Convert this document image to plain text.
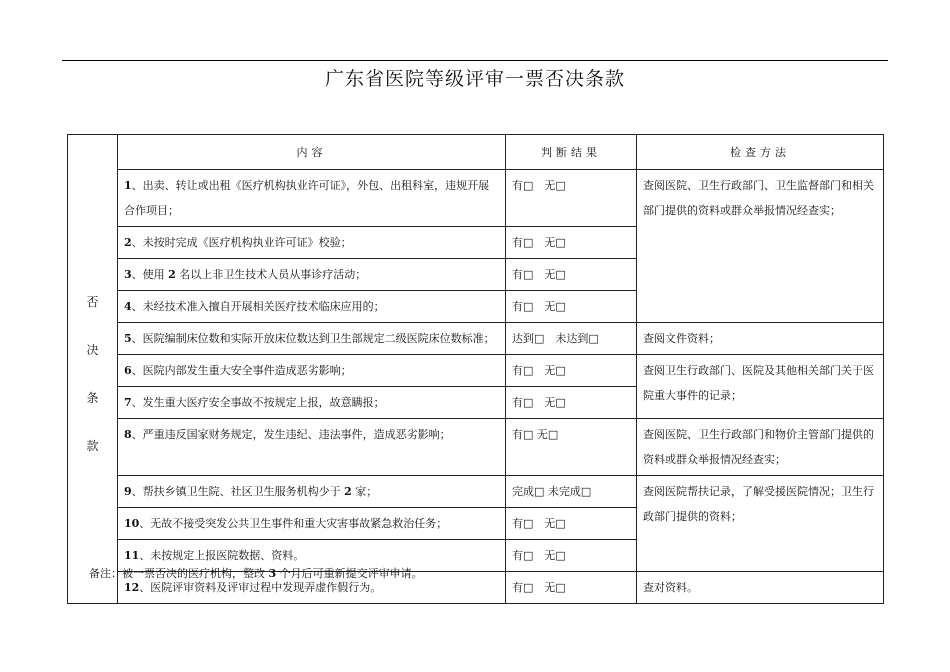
广东省医院等级评审一票否决条款
否
决
条
款	内容	判断结果	检查方法
	1、出卖、转让或出租《医疗机构执业许可证》，外包、出租科室，违规开展合作项目；	有□　无□	查阅医院、卫生行政部门、卫生监督部门和相关部门提供的资料或群众举报情况经查实；
	2、未按时完成《医疗机构执业许可证》校验；	有□　无□	
	3、使用 2 名以上非卫生技术人员从事诊疗活动；	有□　无□	
	4、未经技术准入擅自开展相关医疗技术临床应用的；	有□　无□	
	5、医院编制床位数和实际开放床位数达到卫生部规定二级医院床位数标准；	达到□　未达到□	查阅文件资料；
	6、医院内部发生重大安全事件造成恶劣影响；	有□　无□	查阅卫生行政部门、医院及其他相关部门关于医院重大事件的记录；
	7、发生重大医疗安全事故不按规定上报，故意瞒报；	有□　无□	
	8、严重违反国家财务规定，发生违纪、违法事件，造成恶劣影响；	有□ 无□	查阅医院、卫生行政部门和物价主管部门提供的资料或群众举报情况经查实；
	9、帮扶乡镇卫生院、社区卫生服务机构少于 2 家；	完成□ 未完成□	查阅医院帮扶记录，了解受援医院情况；卫生行政部门提供的资料；
	10、无故不接受突发公共卫生事件和重大灾害事故紧急救治任务；	有□　无□	
	11、未按规定上报医院数据、资料。	有□　无□	
	12、医院评审资料及评审过程中发现弄虚作假行为。	有□　无□	查对资料。
备注：被一票否决的医疗机构，整改 3 个月后可重新提交评审申请。
